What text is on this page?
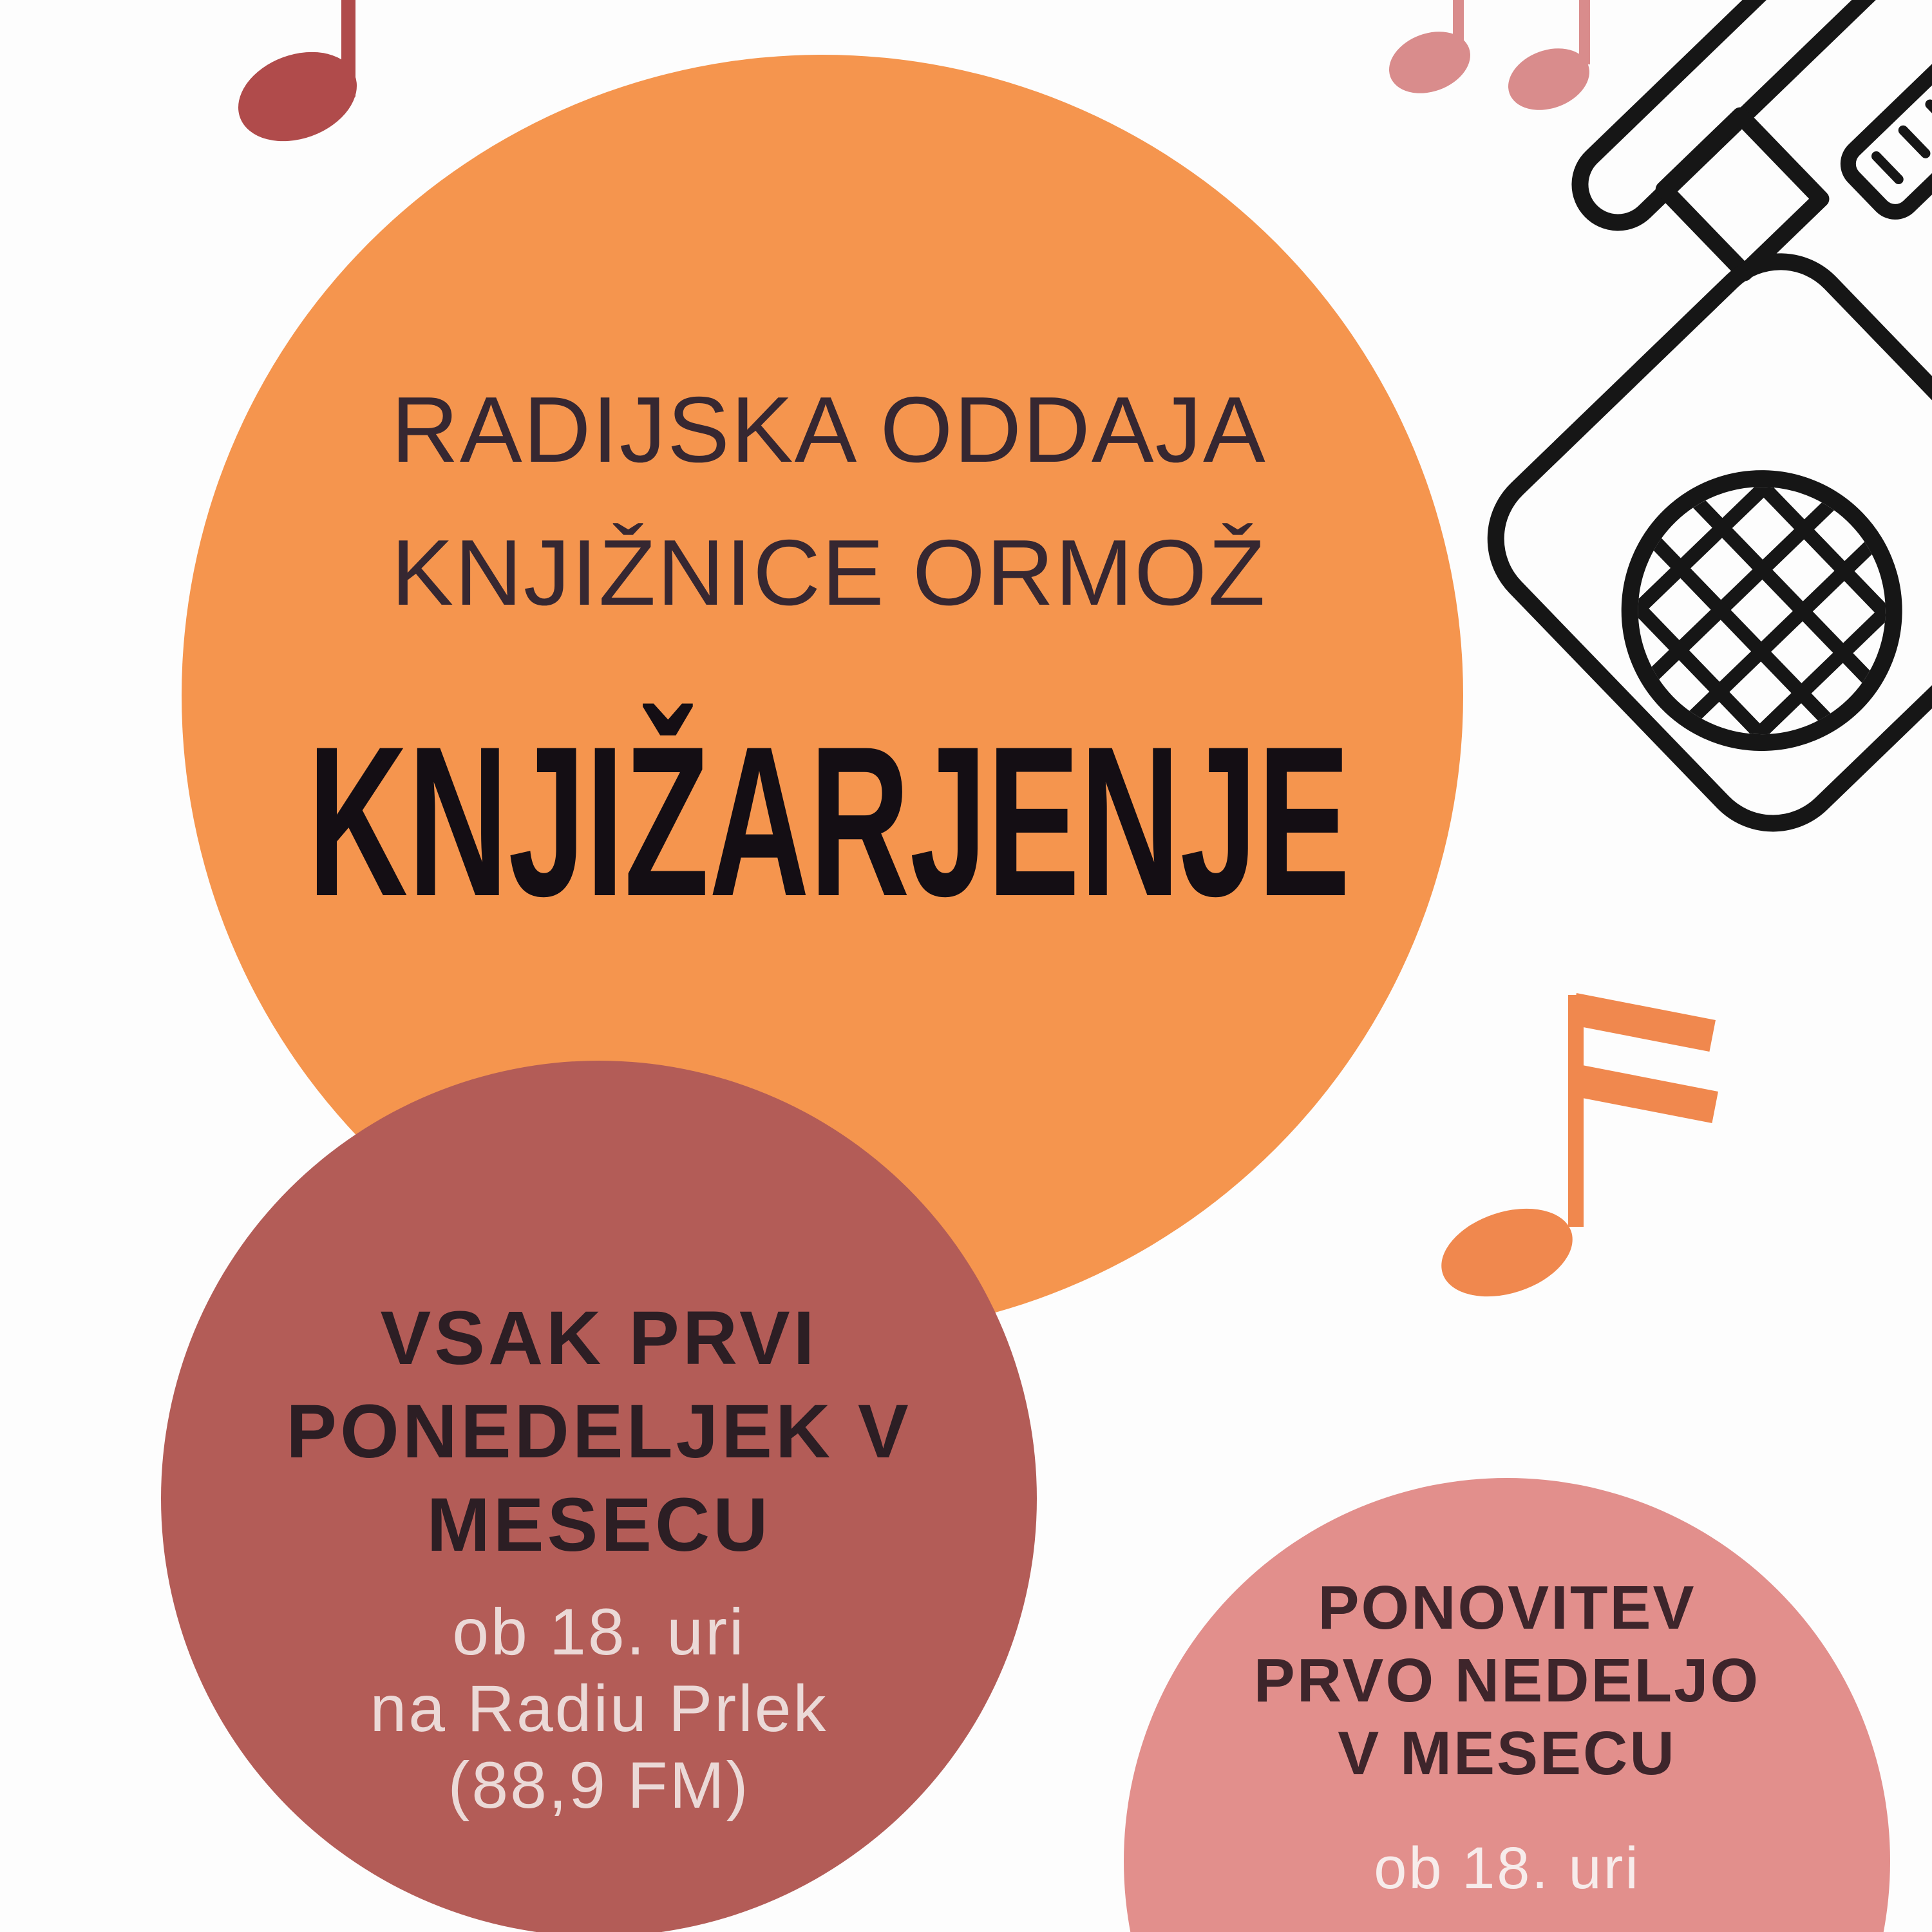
RADIJSKA ODDAJA
KNJIŽNICE ORMOŽ
KNJIŽARJENJE
VSAK PRVI
PONEDELJEK V
MESECU
ob 18. uri
na Radiu Prlek
(88,9 FM)
PONOVITEV
PRVO NEDELJO
V MESECU
ob 18. uri
